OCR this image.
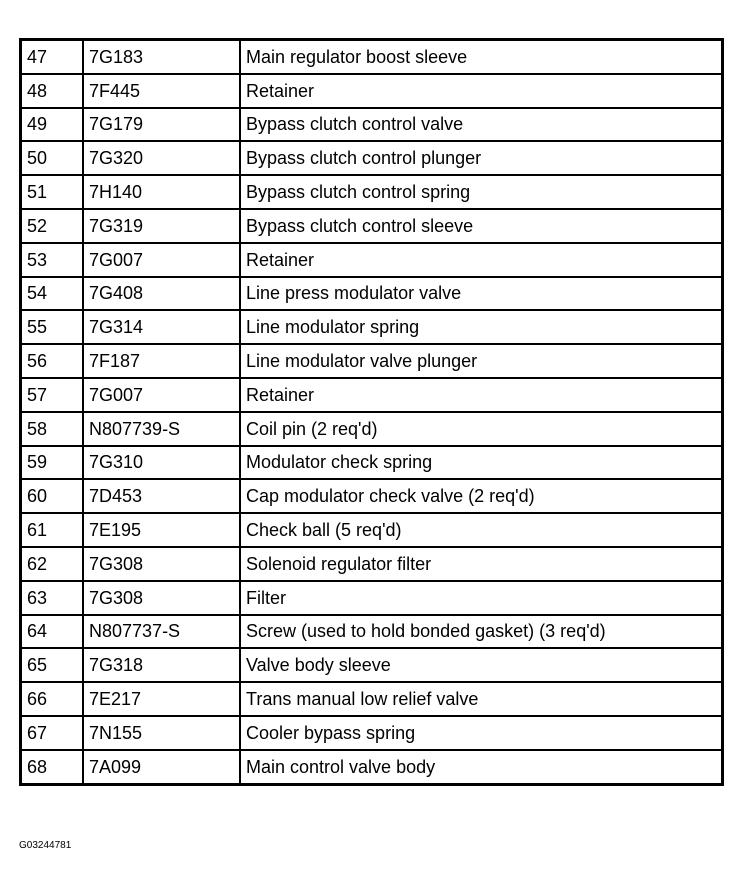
47	7G183	Main regulator boost sleeve
48	7F445	Retainer
49	7G179	Bypass clutch control valve
50	7G320	Bypass clutch control plunger
51	7H140	Bypass clutch control spring
52	7G319	Bypass clutch control sleeve
53	7G007	Retainer
54	7G408	Line press modulator valve
55	7G314	Line modulator spring
56	7F187	Line modulator valve plunger
57	7G007	Retainer
58	N807739-S	Coil pin (2 req'd)
59	7G310	Modulator check spring
60	7D453	Cap modulator check valve (2 req'd)
61	7E195	Check ball (5 req'd)
62	7G308	Solenoid regulator filter
63	7G308	Filter
64	N807737-S	Screw (used to hold bonded gasket) (3 req'd)
65	7G318	Valve body sleeve
66	7E217	Trans manual low relief valve
67	7N155	Cooler bypass spring
68	7A099	Main control valve body
G03244781
